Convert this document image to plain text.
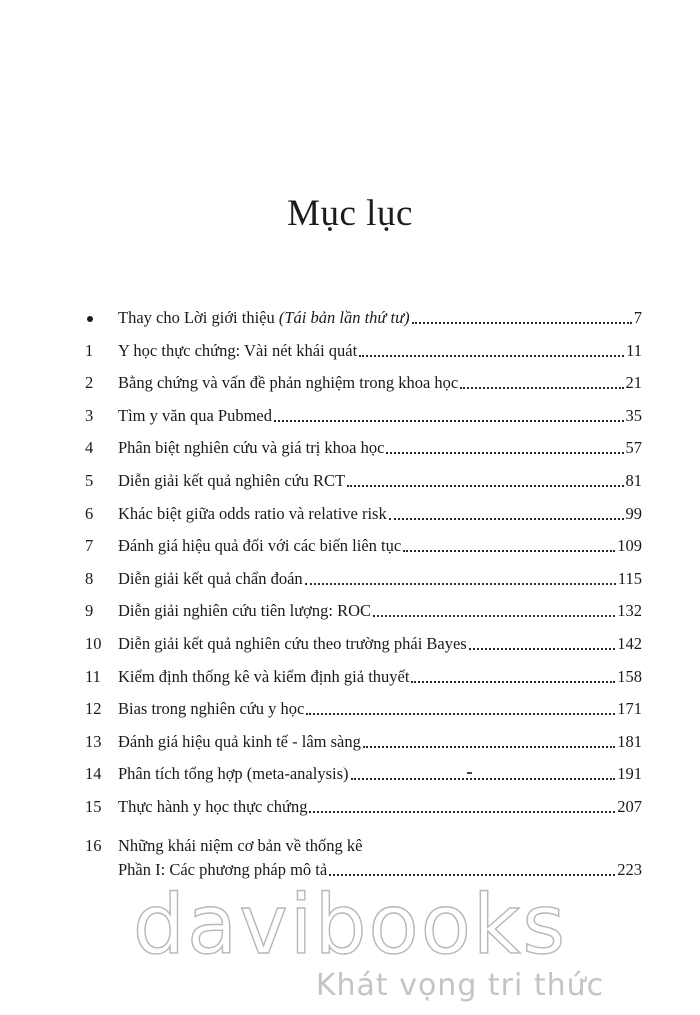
Mục lục
Thay cho Lời giới thiệu (Tái bản lần thứ tư)	7
1	Y học thực chứng: Vài nét khái quát	11
2	Bằng chứng và vấn đề phản nghiệm trong khoa học	21
3	Tìm y văn qua Pubmed	35
4	Phân biệt nghiên cứu và giá trị khoa học	57
5	Diễn giải kết quả nghiên cứu RCT	81
6	Khác biệt giữa odds ratio và relative risk	99
7	Đánh giá hiệu quả đối với các biến liên tục	109
8	Diễn giải kết quả chẩn đoán	115
9	Diễn giải nghiên cứu tiên lượng: ROC	132
10	Diễn giải kết quả nghiên cứu theo trường phái Bayes	142
11	Kiểm định thống kê và kiểm định giả thuyết	158
12	Bias trong nghiên cứu y học	171
13	Đánh giá hiệu quả kinh tế - lâm sàng	181
14	Phân tích tổng hợp (meta-analysis)	191
15	Thực hành y học thực chứng	207
16	Những khái niệm cơ bản về thống kê
Phần I: Các phương pháp mô tả	223
davibooks
Khát vọng tri thức
